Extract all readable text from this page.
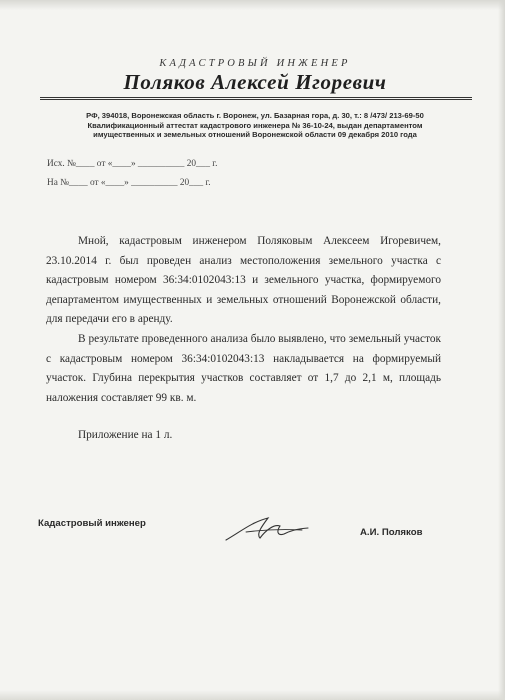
КАДАСТРОВЫЙ ИНЖЕНЕР
Поляков Алексей Игоревич
РФ, 394018, Воронежская область г. Воронеж, ул. Базарная гора, д. 30, т.: 8 /473/ 213-69-50
Квалификационный аттестат кадастрового инженера № 36-10-24, выдан департаментом
имущественных и земельных отношений Воронежской области 09 декабря 2010 года
Исх. №____ от «____» __________ 20___ г.
На №____ от «____» __________ 20___ г.

Мной, кадастровым инженером Поляковым Алексеем Игоревичем, 23.10.2014 г. был проведен анализ местоположения земельного участка с кадастровым номером 36:34:0102043:13 и земельного участка, формируемого департаментом имущественных и земельных отношений Воронежской области, для передачи его в аренду.

В результате проведенного анализа было выявлено, что земельный участок с кадастровым номером 36:34:0102043:13 накладывается на формируемый участок. Глубина перекрытия участков составляет от 1,7 до 2,1 м, площадь наложения составляет 99 кв. м.

Приложение на 1 л.
Кадастровый инженер
А.И. Поляков
